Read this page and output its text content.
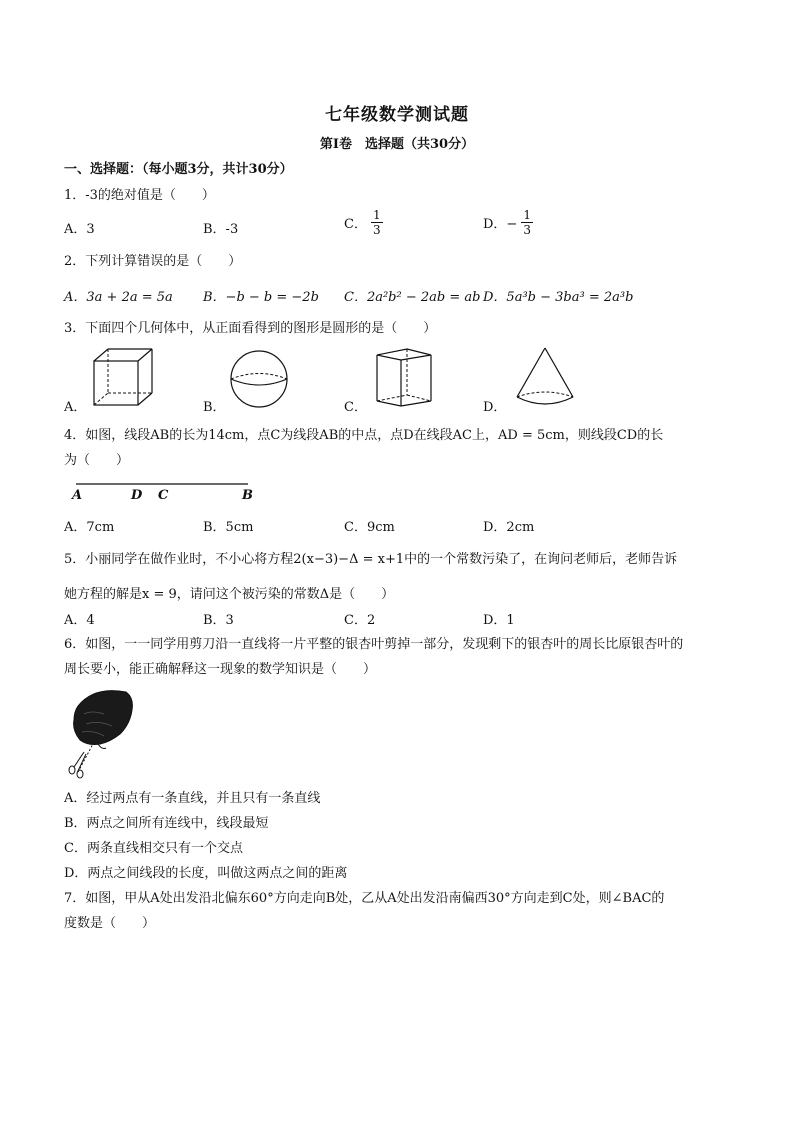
七年级数学测试题
第Ⅰ卷　选择题（共30分）
一、选择题：（每小题3分，共计30分）
1．-3的绝对值是（　　）
A．3	B．-3	C． $\frac{1}{3}$	D．− $\frac{1}{3}$
2．下列计算错误的是（　　）
A．3a + 2a = 5a B．−b − b = −2b C．2a²b² − 2ab = ab D．5a³b − 3ba³ = 2a³b
3．下面四个几何体中，从正面看得到的图形是圆形的是（　　）
A．	B．	C．	D．
4．如图，线段AB的长为14cm，点C为线段AB的中点，点D在线段AC上，AD = 5cm，则线段CD的长
为（　　）
A	D C	B
A．7cm	B．5cm	C．9cm	D．2cm
5．小丽同学在做作业时，不小心将方程2(x−3)−Δ = x+1中的一个常数污染了，在询问老师后，老师告诉
她方程的解是x = 9，请问这个被污染的常数Δ是（　　）
A．4	B．3	C．2	D．1
6．如图，一一同学用剪刀沿一直线将一片平整的银杏叶剪掉一部分，发现剩下的银杏叶的周长比原银杏叶的
周长要小，能正确解释这一现象的数学知识是（　　）
A．经过两点有一条直线，并且只有一条直线
B．两点之间所有连线中，线段最短
C．两条直线相交只有一个交点
D．两点之间线段的长度，叫做这两点之间的距离
7．如图，甲从A处出发沿北偏东60°方向走向B处，乙从A处出发沿南偏西30°方向走到C处，则∠BAC的
度数是（　　）
